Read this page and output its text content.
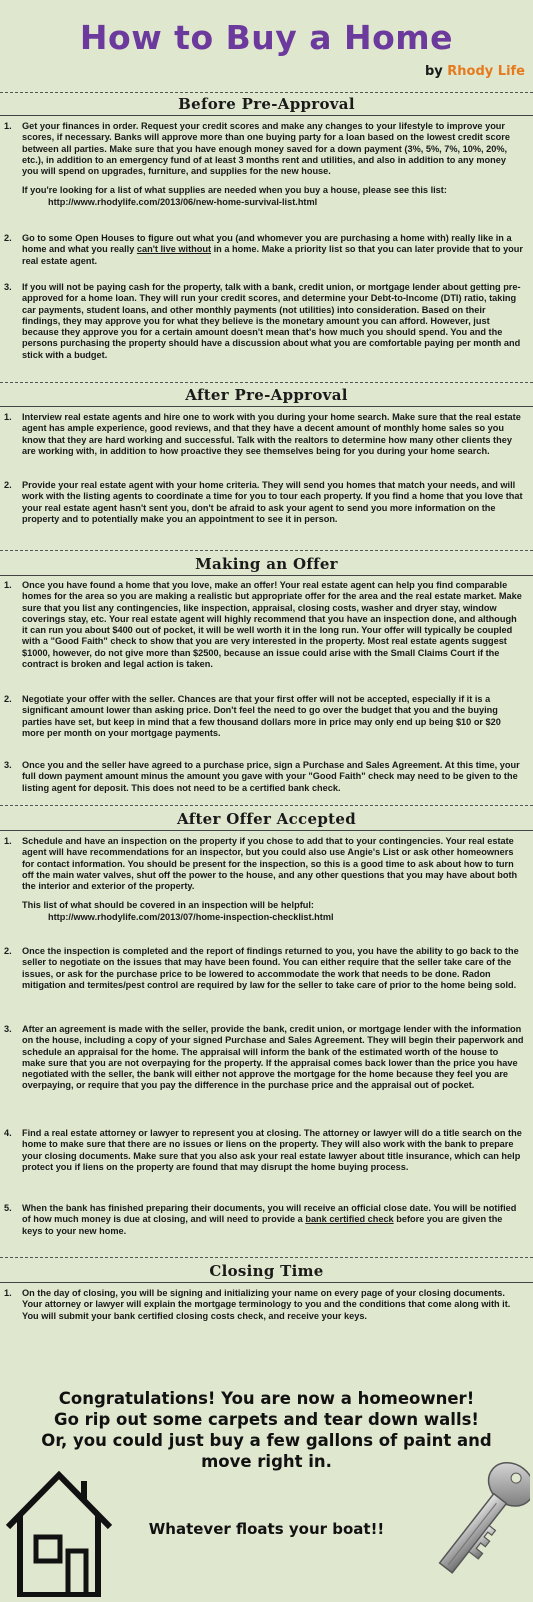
How to Buy a Home
by Rhody Life
Before Pre-Approval
1.	Get your finances in order. Request your credit scores and make any changes to your lifestyle to improve your scores, if necessary. Banks will approve more than one buying party for a loan based on the lowest credit score between all parties. Make sure that you have enough money saved for a down payment (3%, 5%, 7%, 10%, 20%, etc.), in addition to an emergency fund of at least 3 months rent and utilities, and also in addition to any money you will spend on upgrades, furniture, and supplies for the new house.
If you're looking for a list of what supplies are needed when you buy a house, please see this list:
http://www.rhodylife.com/2013/06/new-home-survival-list.html
2.	Go to some Open Houses to figure out what you (and whomever you are purchasing a home with) really like in a home and what you really can't live without in a home. Make a priority list so that you can later provide that to your real estate agent.
3.	If you will not be paying cash for the property, talk with a bank, credit union, or mortgage lender about getting pre-approved for a home loan. They will run your credit scores, and determine your Debt-to-Income (DTI) ratio, taking car payments, student loans, and other monthly payments (not utilities) into consideration. Based on their findings, they may approve you for what they believe is the monetary amount you can afford. However, just because they approve you for a certain amount doesn't mean that's how much you should spend. You and the persons purchasing the property should have a discussion about what you are comfortable paying per month and stick with a budget.
After Pre-Approval
1.	Interview real estate agents and hire one to work with you during your home search. Make sure that the real estate agent has ample experience, good reviews, and that they have a decent amount of monthly home sales so you know that they are hard working and successful. Talk with the realtors to determine how many other clients they are working with, in addition to how proactive they see themselves being for you during your home search.
2.	Provide your real estate agent with your home criteria. They will send you homes that match your needs, and will work with the listing agents to coordinate a time for you to tour each property. If you find a home that you love that your real estate agent hasn't sent you, don't be afraid to ask your agent to send you more information on the property and to potentially make you an appointment to see it in person.
Making an Offer
1.	Once you have found a home that you love, make an offer! Your real estate agent can help you find comparable homes for the area so you are making a realistic but appropriate offer for the area and the real estate market. Make sure that you list any contingencies, like inspection, appraisal, closing costs, washer and dryer stay, window coverings stay, etc. Your real estate agent will highly recommend that you have an inspection done, and although it can run you about $400 out of pocket, it will be well worth it in the long run. Your offer will typically be coupled with a "Good Faith" check to show that you are very interested in the property. Most real estate agents suggest $1000, however, do not give more than $2500, because an issue could arise with the Small Claims Court if the contract is broken and legal action is taken.
2.	Negotiate your offer with the seller. Chances are that your first offer will not be accepted, especially if it is a significant amount lower than asking price. Don't feel the need to go over the budget that you and the buying parties have set, but keep in mind that a few thousand dollars more in price may only end up being $10 or $20 more per month on your mortgage payments.
3.	Once you and the seller have agreed to a purchase price, sign a Purchase and Sales Agreement. At this time, your full down payment amount minus the amount you gave with your "Good Faith" check may need to be given to the listing agent for deposit. This does not need to be a certified bank check.
After Offer Accepted
1.	Schedule and have an inspection on the property if you chose to add that to your contingencies. Your real estate agent will have recommendations for an inspector, but you could also use Angie's List or ask other homeowners for contact information. You should be present for the inspection, so this is a good time to ask about how to turn off the main water valves, shut off the power to the house, and any other questions that you may have about both the interior and exterior of the property.
This list of what should be covered in an inspection will be helpful:
http://www.rhodylife.com/2013/07/home-inspection-checklist.html
2.	Once the inspection is completed and the report of findings returned to you, you have the ability to go back to the seller to negotiate on the issues that may have been found. You can either require that the seller take care of the issues, or ask for the purchase price to be lowered to accommodate the work that needs to be done. Radon mitigation and termites/pest control are required by law for the seller to take care of prior to the home being sold.
3.	After an agreement is made with the seller, provide the bank, credit union, or mortgage lender with the information on the house, including a copy of your signed Purchase and Sales Agreement. They will begin their paperwork and schedule an appraisal for the home. The appraisal will inform the bank of the estimated worth of the house to make sure that you are not overpaying for the property. If the appraisal comes back lower than the price you have negotiated with the seller, the bank will either not approve the mortgage for the home because they feel you are overpaying, or require that you pay the difference in the purchase price and the appraisal out of pocket.
4.	Find a real estate attorney or lawyer to represent you at closing. The attorney or lawyer will do a title search on the home to make sure that there are no issues or liens on the property. They will also work with the bank to prepare your closing documents. Make sure that you also ask your real estate lawyer about title insurance, which can help protect you if liens on the property are found that may disrupt the home buying process.
5.	When the bank has finished preparing their documents, you will receive an official close date. You will be notified of how much money is due at closing, and will need to provide a bank certified check before you are given the keys to your new home.
Closing Time
1.	On the day of closing, you will be signing and initializing your name on every page of your closing documents. Your attorney or lawyer will explain the mortgage terminology to you and the conditions that come along with it. You will submit your bank certified closing costs check, and receive your keys.
Congratulations! You are now a homeowner!
Go rip out some carpets and tear down walls!
Or, you could just buy a few gallons of paint and
move right in.
Whatever floats your boat!!
